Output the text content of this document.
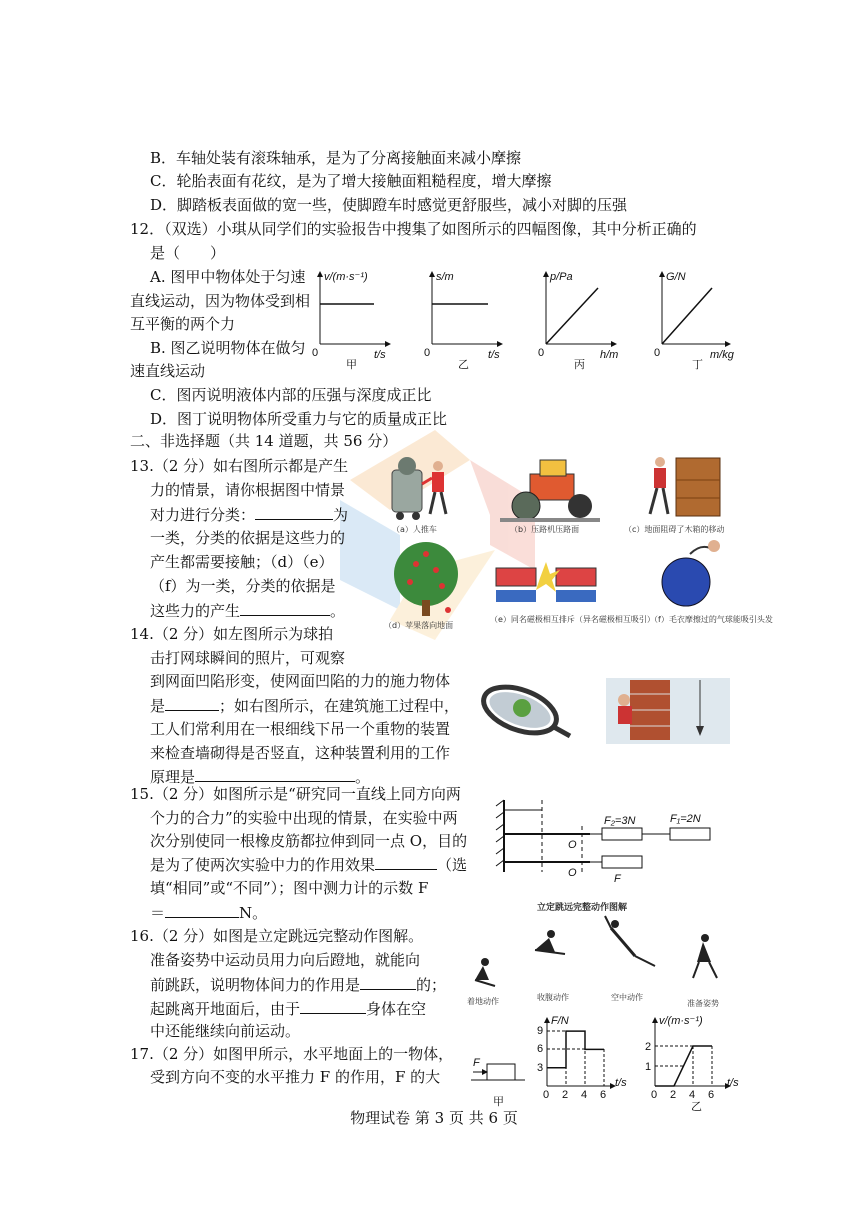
B．车轴处装有滚珠轴承，是为了分离接触面来减小摩擦
C．轮胎表面有花纹，是为了增大接触面粗糙程度，增大摩擦
D．脚踏板表面做的宽一些，使脚蹬车时感觉更舒服些，减小对脚的压强
12．（双选）小琪从同学们的实验报告中搜集了如图所示的四幅图像，其中分析正确的
是（　　）
A. 图甲中物体处于匀速
直线运动，因为物体受到相
互平衡的两个力
B. 图乙说明物体在做匀
速直线运动
C．图丙说明液体内部的压强与深度成正比
D．图丁说明物体所受重力与它的质量成正比
v/(m·s⁻¹)
t/s
0
甲
s/m
t/s
0
乙
p/Pa
h/m
0
丙
G/N
m/kg
0
丁
二、非选择题（共 14 道题，共 56 分）
13.（2 分）如右图所示都是产生
力的情景，请你根据图中情景
对力进行分类：	为
一类，分类的依据是这些力的
产生都需要接触；（d）（e）
（f）为一类，分类的依据是
这些力的产生	。
（a）人推车	（b）压路机压路面	（c）地面阻碍了木箱的移动
（d）苹果落向地面
（e）同名磁极相互排斥（异名磁极相互吸引）
（f）毛衣摩擦过的气球能吸引头发
14.（2 分）如左图所示为球拍
击打网球瞬间的照片，可观察
到网面凹陷形变，使网面凹陷的力的施力物体
是	；如右图所示，在建筑施工过程中，
工人们常利用在一根细线下吊一个重物的装置
来检查墙砌得是否竖直，这种装置利用的工作
原理是	。
15.（2 分）如图所示是“研究同一直线上同方向两
个力的合力”的实验中出现的情景，在实验中两
次分别使同一根橡皮筋都拉伸到同一点 O，目的
是为了使两次实验中力的作用效果	（选
填“相同”或“不同”）；图中测力计的示数 F
＝	N。
F₂=3N	F₁=2N
O
O	F
16.（2 分）如图是立定跳远完整动作图解。
准备姿势中运动员用力向后蹬地，就能向
前跳跃，说明物体间力的作用是	的；
起跳离开地面后，由于	身体在空
中还能继续向前运动。
立定跳远完整动作图解
着地动作	收腹动作	空中动作
准备姿势
17.（2 分）如图甲所示，水平地面上的一物体，
受到方向不变的水平推力 F 的作用，F 的大
F
甲
F/N
t/s
9
6
3
0 2 4 6
v/(m·s⁻¹)
t/s
2
1
0 2 4 6
乙
物理试卷 第 3 页 共 6 页
